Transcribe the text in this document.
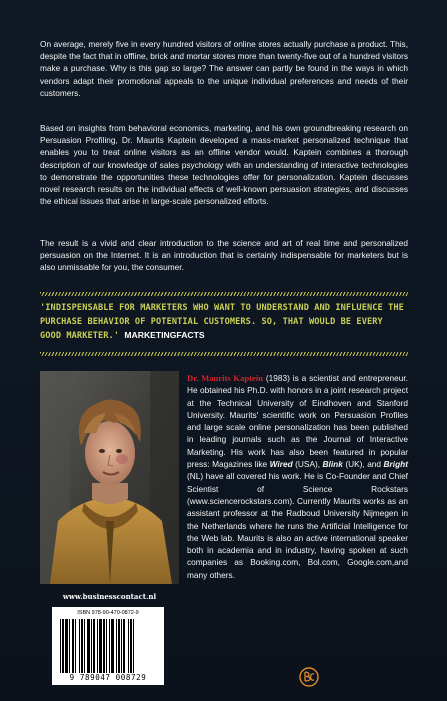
On average, merely five in every hundred visitors of online stores actually purchase a product. This, despite the fact that in offline, brick and mortar stores more than twenty-five out of a hundred visitors make a purchase. Why is this gap so large? The answer can partly be found in the ways in which vendors adapt their promotional appeals to the unique individual preferences and needs of their customers.

Based on insights from behavioral economics, marketing, and his own groundbreaking research on Persuasion Profiling, Dr. Maurits Kaptein developed a mass-market personalized technique that enables you to treat online visitors as an offline vendor would. Kaptein combines a thorough description of our knowledge of sales psychology with an understanding of interactive technologies to demonstrate the opportunities these technologies offer for personalization. Kaptein discusses novel research results on the individual effects of well-known persuasion strategies, and discusses the ethical issues that arise in large-scale personalized efforts.

The result is a vivid and clear introduction to the science and art of real time and personalized persuasion on the Internet. It is an introduction that is certainly indispensable for marketers but is also unmissable for you, the consumer.

'INDISPENSABLE FOR MARKETERS WHO WANT TO UNDERSTAND AND INFLUENCE THE PURCHASE BEHAVIOR OF POTENTIAL CUSTOMERS. SO, THAT WOULD BE EVERY GOOD MARKETER.' MARKETINGFACTS

www.businesscontact.nl
ISBN 978-90-470-0872-9
9 789047 008729

Dr. Maurits Kaptein (1983) is a scientist and entrepreneur. He obtained his Ph.D. with honors in a joint research project at the Technical University of Eindhoven and Stanford University. Maurits' scientific work on Persuasion Profiles and large scale online personalization has been published in leading journals such as the Journal of Interactive Marketing. His work has also been featured in popular press: Magazines like Wired (USA), Blink (UK), and Bright (NL) have all covered his work. He is Co-Founder and Chief Scientist of Science Rockstars (www.sciencerockstars.com). Currently Maurits works as an assistant professor at the Radboud University Nijmegen in the Netherlands where he runs the Artificial Intelligence for the Web lab. Maurits is also an active international speaker both in academia and in industry, having spoken at such companies as Booking.com, Bol.com, Google.com,and many others.
